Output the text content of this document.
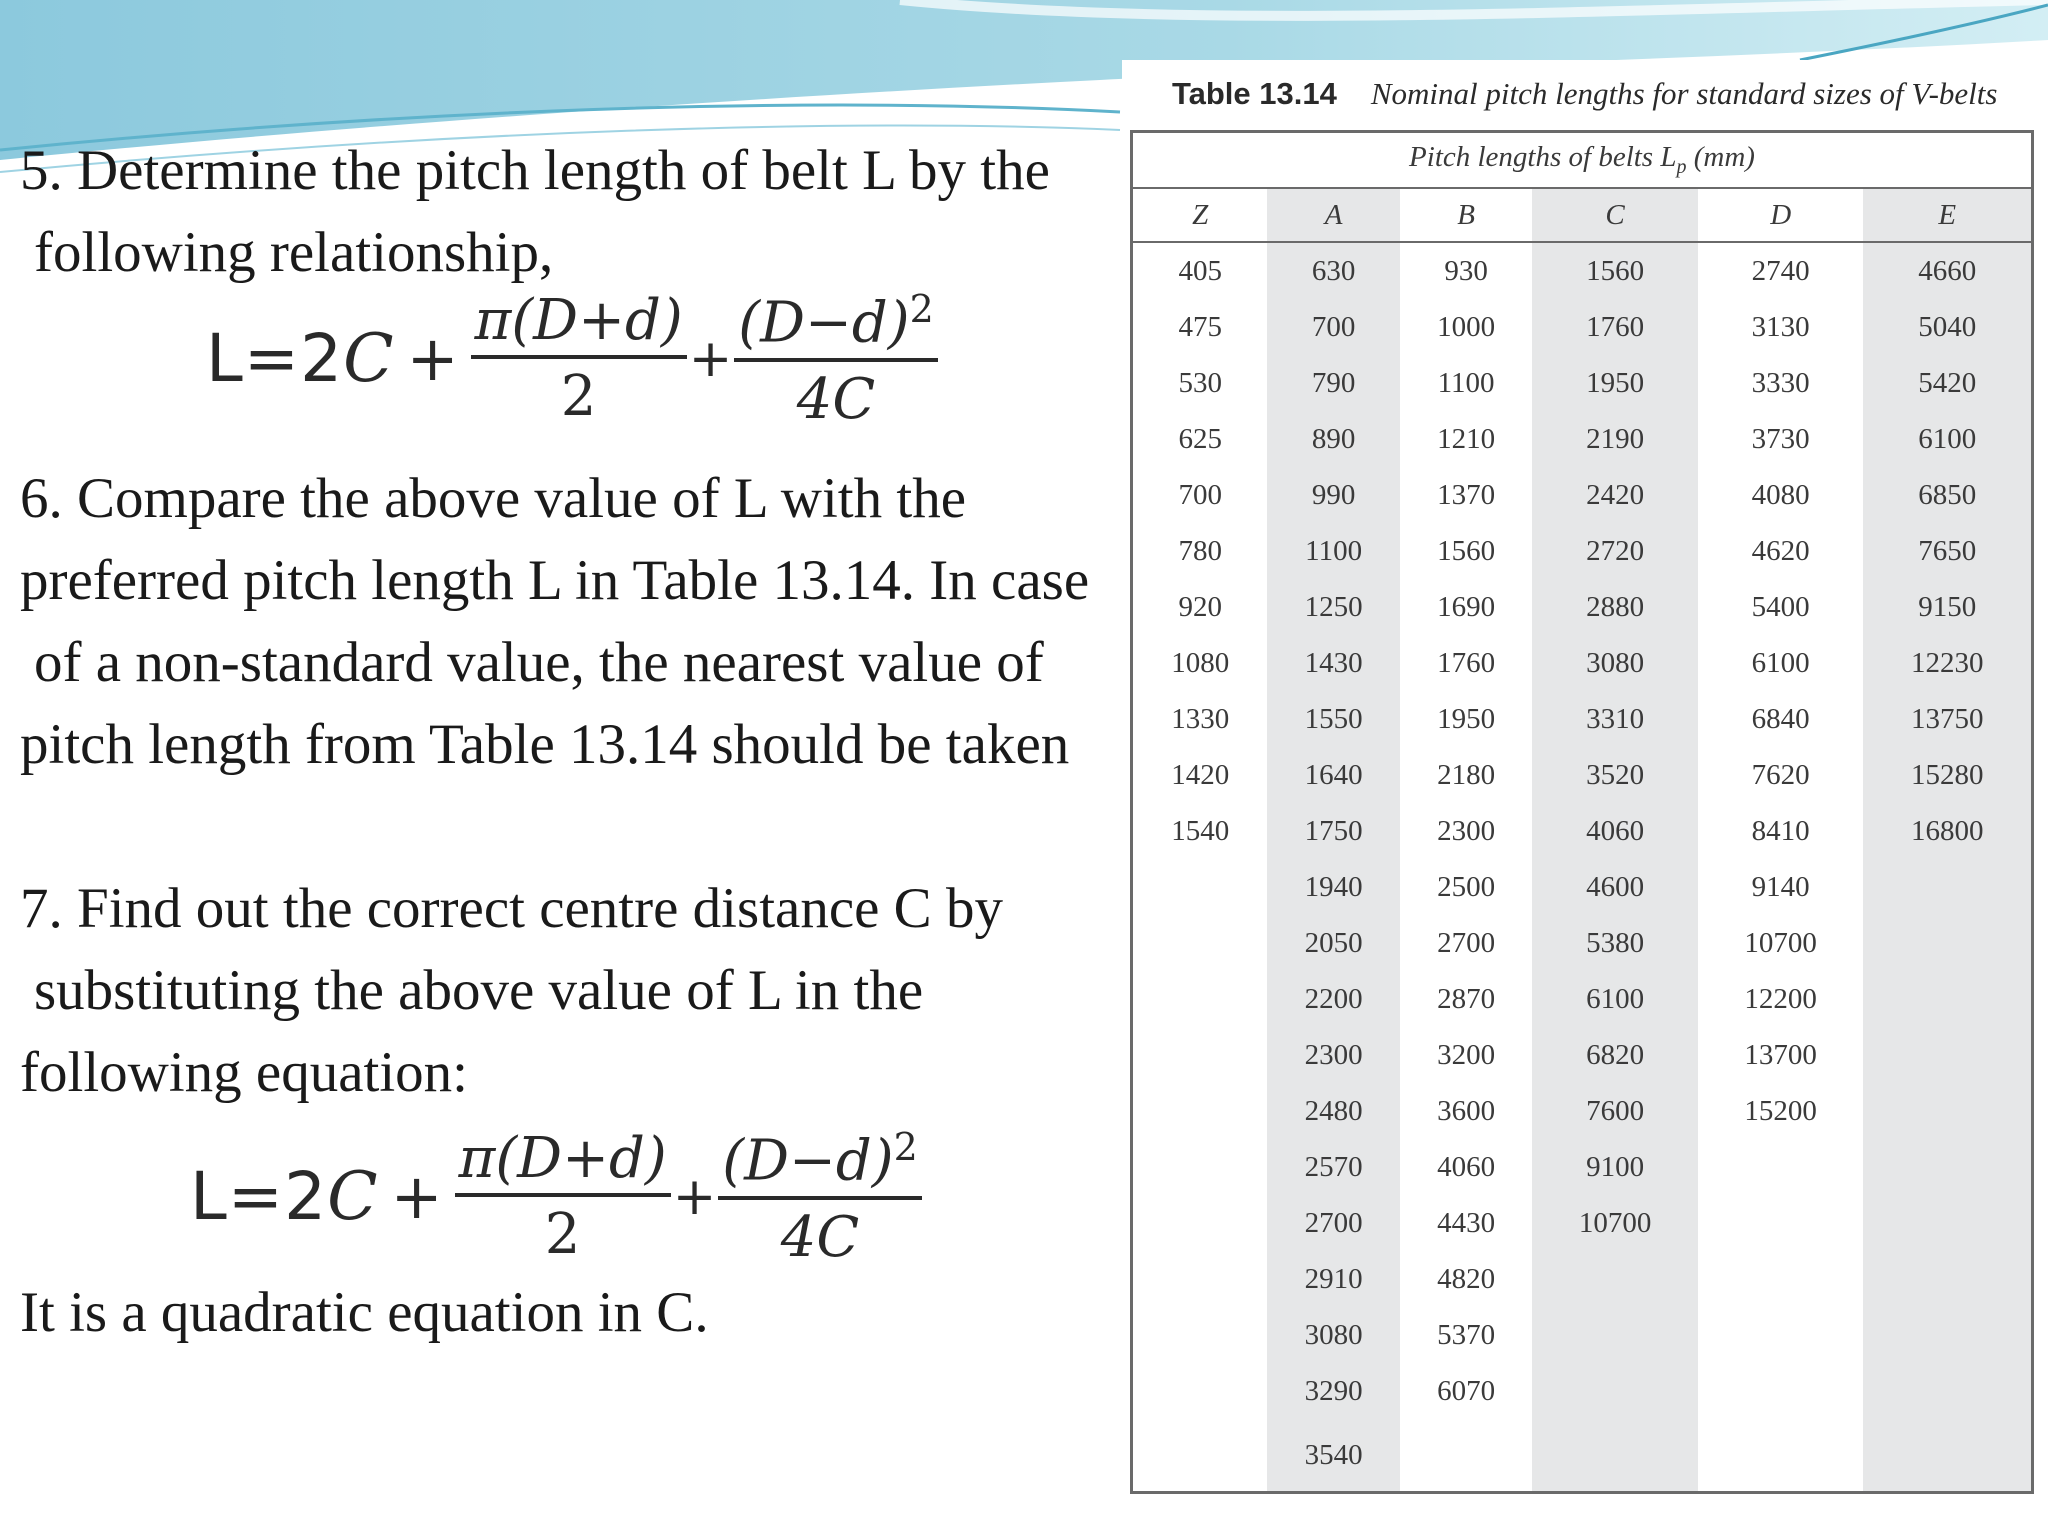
5. Determine the pitch length of belt L by the
following relationship,
6. Compare the above value of L with the
preferred pitch length L in Table 13.14. In case
of a non-standard value, the nearest value of
pitch length from Table 13.14 should be taken
7. Find out the correct centre distance C by
substituting the above value of L in the
following equation:
$L=2C + \frac{\pi(D+d)}{2} + \frac{(D-d)^2}{4C}$
$L=2C + \frac{\pi(D+d)}{2} + \frac{(D-d)^2}{4C}$
It is a quadratic equation in C.
Table 13.14 Nominal pitch lengths for standard sizes of V-belts
Pitch lengths of belts $L_p$ (mm)					
Z	A	B	C	D	E
405	630	930	1560	2740	4660
475	700	1000	1760	3130	5040
530	790	1100	1950	3330	5420
625	890	1210	2190	3730	6100
700	990	1370	2420	4080	6850
780	1100	1560	2720	4620	7650
920	1250	1690	2880	5400	9150
1080	1430	1760	3080	6100	12230
1330	1550	1950	3310	6840	13750
1420	1640	2180	3520	7620	15280
1540	1750	2300	4060	8410	16800
	1940	2500	4600	9140	
	2050	2700	5380	10700	
	2200	2870	6100	12200	
	2300	3200	6820	13700	
	2480	3600	7600	15200	
	2570	4060	9100		
	2700	4430	10700		
	2910	4820			
	3080	5370			
	3290	6070			
	3540				
